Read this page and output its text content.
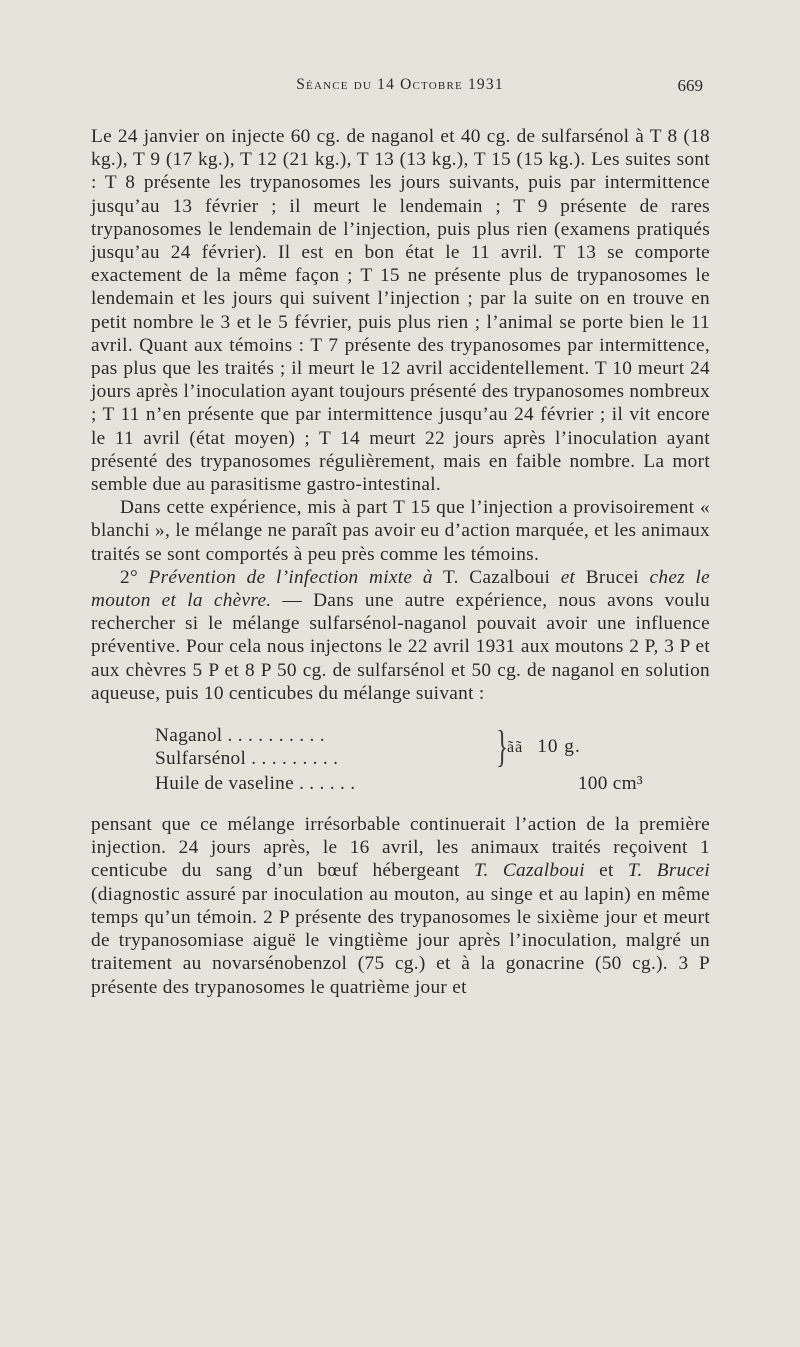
Séance du 14 Octobre 1931	669

Le 24 janvier on injecte 60 cg. de naganol et 40 cg. de sulfarsénol à T 8 (18 kg.), T 9 (17 kg.), T 12 (21 kg.), T 13 (13 kg.), T 15 (15 kg.). Les suites sont : T 8 présente les trypanosomes les jours suivants, puis par intermittence jusqu’au 13 février ; il meurt le lendemain ; T 9 présente de rares trypanosomes le lendemain de l’injection, puis plus rien (examens pratiqués jusqu’au 24 février). Il est en bon état le 11 avril. T 13 se comporte exactement de la même façon ; T 15 ne présente plus de trypanosomes le lendemain et les jours qui suivent l’injection ; par la suite on en trouve en petit nombre le 3 et le 5 février, puis plus rien ; l’animal se porte bien le 11 avril. Quant aux témoins : T 7 présente des trypanosomes par intermittence, pas plus que les traités ; il meurt le 12 avril accidentellement. T 10 meurt 24 jours après l’inoculation ayant toujours présenté des trypanosomes nombreux ; T 11 n’en présente que par intermittence jusqu’au 24 février ; il vit encore le 11 avril (état moyen) ; T 14 meurt 22 jours après l’inoculation ayant présenté des trypanosomes régulièrement, mais en faible nombre. La mort semble due au parasitisme gastro-intestinal.

Dans cette expérience, mis à part T 15 que l’injection a provisoirement « blanchi », le mélange ne paraît pas avoir eu d’action marquée, et les animaux traités se sont comportés à peu près comme les témoins.

2° Prévention de l’infection mixte à T. Cazalboui et Brucei chez le mouton et la chèvre. — Dans une autre expérience, nous avons voulu rechercher si le mélange sulfarsénol-naganol pouvait avoir une influence préventive. Pour cela nous injectons le 22 avril 1931 aux moutons 2 P, 3 P et aux chèvres 5 P et 8 P 50 cg. de sulfarsénol et 50 cg. de naganol en solution aqueuse, puis 10 centicubes du mélange suivant :

Naganol . . . . . . . . . .
Sulfarsénol . . . . . . . . .	}
ãã 10 g.
Huile de vaseline . . . . . .	100 cm³

pensant que ce mélange irrésorbable continuerait l’action de la première injection. 24 jours après, le 16 avril, les animaux traités reçoivent 1 centicube du sang d’un bœuf hébergeant T. Cazalboui et T. Brucei (diagnostic assuré par inoculation au mouton, au singe et au lapin) en même temps qu’un témoin. 2 P présente des trypanosomes le sixième jour et meurt de trypanosomiase aiguë le vingtième jour après l’inoculation, malgré un traitement au novarsénobenzol (75 cg.) et à la gonacrine (50 cg.). 3 P présente des trypanosomes le quatrième jour et
